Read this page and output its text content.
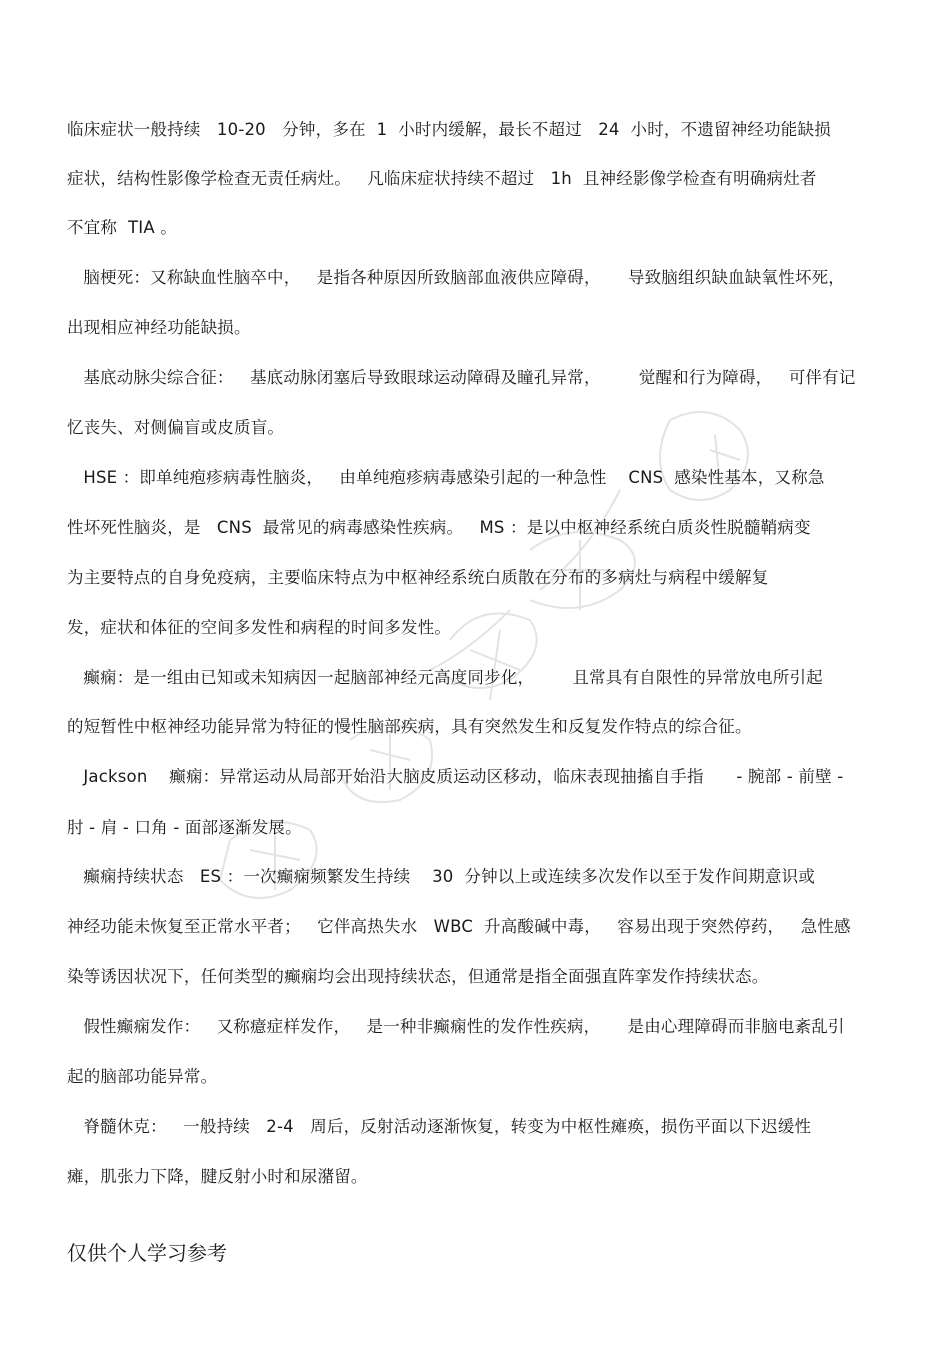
临床症状一般持续   10-20   分钟，多在  1  小时内缓解，最长不超过   24  小时，不遗留神经功能缺损
症状，结构性影像学检查无责任病灶。   凡临床症状持续不超过   1h  且神经影像学检查有明确病灶者
不宜称  TIA 。
脑梗死：又称缺血性脑卒中，   是指各种原因所致脑部血液供应障碍，     导致脑组织缺血缺氧性坏死，
出现相应神经功能缺损。
基底动脉尖综合征：   基底动脉闭塞后导致眼球运动障碍及瞳孔异常，       觉醒和行为障碍，   可伴有记
忆丧失、对侧偏盲或皮质盲。
HSE ：即单纯疱疹病毒性脑炎，   由单纯疱疹病毒感染引起的一种急性    CNS  感染性基本，又称急
性坏死性脑炎，是   CNS  最常见的病毒感染性疾病。   MS ：是以中枢神经系统白质炎性脱髓鞘病变
为主要特点的自身免疫病，主要临床特点为中枢神经系统白质散在分布的多病灶与病程中缓解复
发，症状和体征的空间多发性和病程的时间多发性。
癫痫：是一组由已知或未知病因一起脑部神经元高度同步化，       且常具有自限性的异常放电所引起
的短暂性中枢神经功能异常为特征的慢性脑部疾病，具有突然发生和反复发作特点的综合征。
Jackson    癫痫：异常运动从局部开始沿大脑皮质运动区移动，临床表现抽搐自手指      - 腕部 - 前壁 -
肘 - 肩 - 口角 - 面部逐渐发展。
癫痫持续状态   ES ：一次癫痫频繁发生持续    30  分钟以上或连续多次发作以至于发作间期意识或
神经功能未恢复至正常水平者；   它伴高热失水   WBC  升高酸碱中毒，   容易出现于突然停药，   急性感
染等诱因状况下，任何类型的癫痫均会出现持续状态，但通常是指全面强直阵挛发作持续状态。
假性癫痫发作：   又称癔症样发作，   是一种非癫痫性的发作性疾病，     是由心理障碍而非脑电紊乱引
起的脑部功能异常。
脊髓休克：   一般持续   2-4   周后，反射活动逐渐恢复，转变为中枢性瘫痪，损伤平面以下迟缓性
瘫，肌张力下降，腱反射小时和尿潴留。
仅供个人学习参考
